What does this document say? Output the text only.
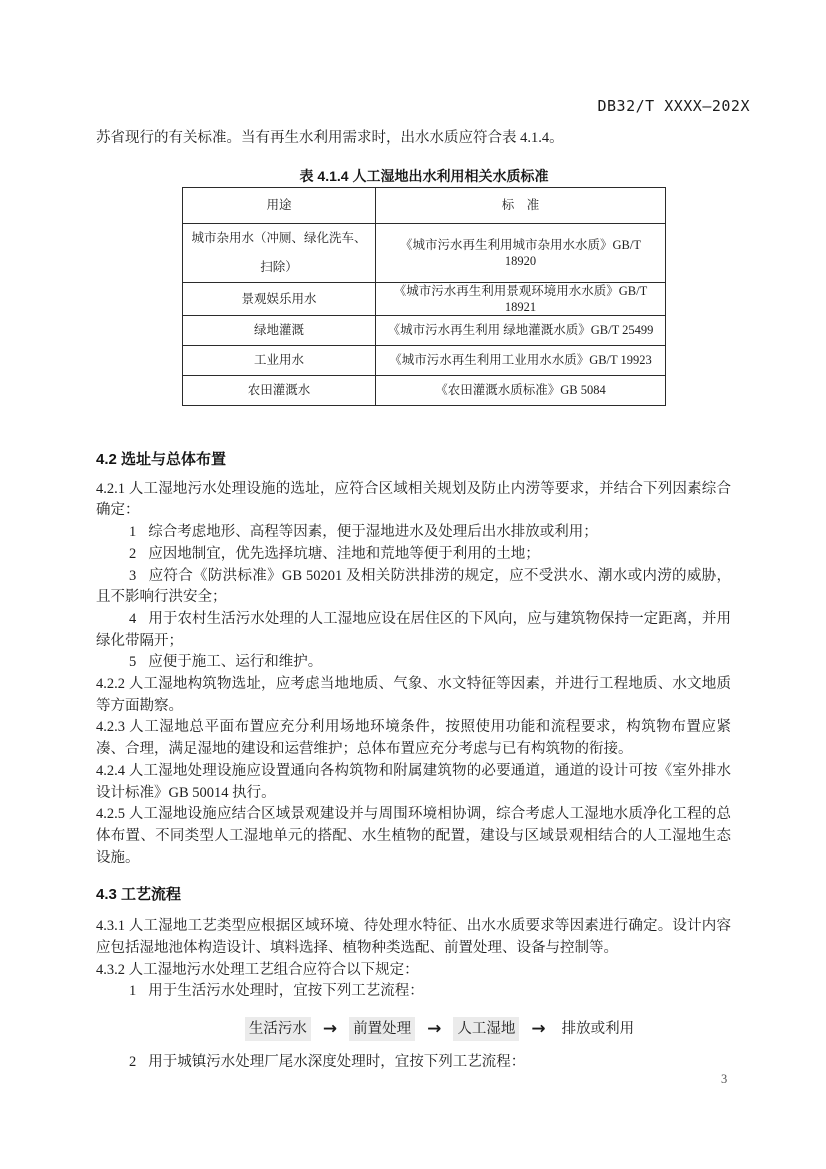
DB32/T XXXX—202X

苏省现行的有关标准。当有再生水利用需求时，出水水质应符合表 4.1.4。

表 4.1.4 人工湿地出水利用相关水质标准
用途	标　准
城市杂用水（冲厕、绿化洗车、扫除）	《城市污水再生利用城市杂用水水质》GB/T 18920
景观娱乐用水	《城市污水再生利用景观环境用水水质》GB/T 18921
绿地灌溉	《城市污水再生利用 绿地灌溉水质》GB/T 25499
工业用水	《城市污水再生利用工业用水水质》GB/T 19923
农田灌溉水	《农田灌溉水质标准》GB 5084
4.2 选址与总体布置

4.2.1 人工湿地污水处理设施的选址，应符合区域相关规划及防止内涝等要求，并结合下列因素综合确定：

1 综合考虑地形、高程等因素，便于湿地进水及处理后出水排放或利用；

2 应因地制宜，优先选择坑塘、洼地和荒地等便于利用的土地；

3 应符合《防洪标准》GB 50201 及相关防洪排涝的规定，应不受洪水、潮水或内涝的威胁，且不影响行洪安全；

4 用于农村生活污水处理的人工湿地应设在居住区的下风向，应与建筑物保持一定距离，并用绿化带隔开；

5 应便于施工、运行和维护。

4.2.2 人工湿地构筑物选址，应考虑当地地质、气象、水文特征等因素，并进行工程地质、水文地质等方面勘察。

4.2.3 人工湿地总平面布置应充分利用场地环境条件，按照使用功能和流程要求，构筑物布置应紧凑、合理，满足湿地的建设和运营维护；总体布置应充分考虑与已有构筑物的衔接。

4.2.4 人工湿地处理设施应设置通向各构筑物和附属建筑物的必要通道，通道的设计可按《室外排水设计标准》GB 50014 执行。

4.2.5 人工湿地设施应结合区域景观建设并与周围环境相协调，综合考虑人工湿地水质净化工程的总体布置、不同类型人工湿地单元的搭配、水生植物的配置，建设与区域景观相结合的人工湿地生态设施。

4.3 工艺流程

4.3.1 人工湿地工艺类型应根据区域环境、待处理水特征、出水水质要求等因素进行确定。设计内容应包括湿地池体构造设计、填料选择、植物种类选配、前置处理、设备与控制等。

4.3.2 人工湿地污水处理工艺组合应符合以下规定：

1 用于生活污水处理时，宜按下列工艺流程：

生活污水 → 前置处理 → 人工湿地 → 排放或利用

2 用于城镇污水处理厂尾水深度处理时，宜按下列工艺流程：

3
